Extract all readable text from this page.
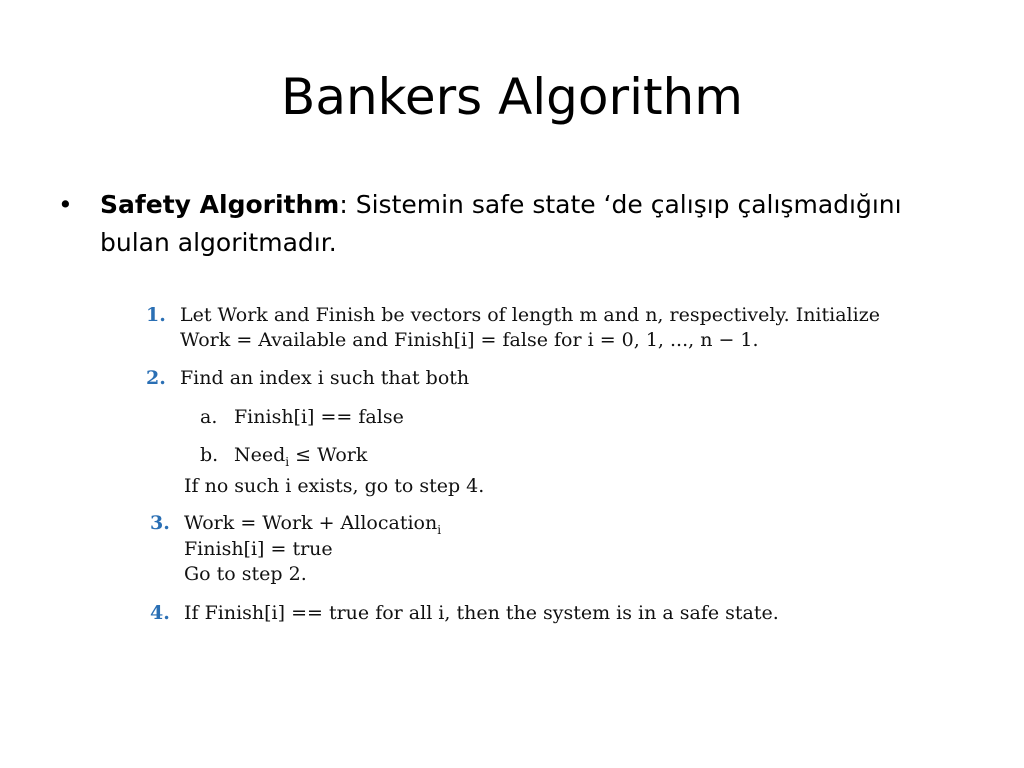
Bankers Algorithm
• Safety Algorithm: Sistemin safe state ‘de çalışıp çalışmadığını
bulan algoritmadır.
1. Let Work and Finish be vectors of length m and n, respectively. Initialize
Work = Available and Finish[i] = false for i = 0, 1, ..., n − 1.
2. Find an index i such that both
a. Finish[i] == false
b. Need$_i$ ≤ Work
If no such i exists, go to step 4.
3. Work = Work + Allocation$_i$
Finish[i] = true
Go to step 2.
4. If Finish[i] == true for all i, then the system is in a safe state.
